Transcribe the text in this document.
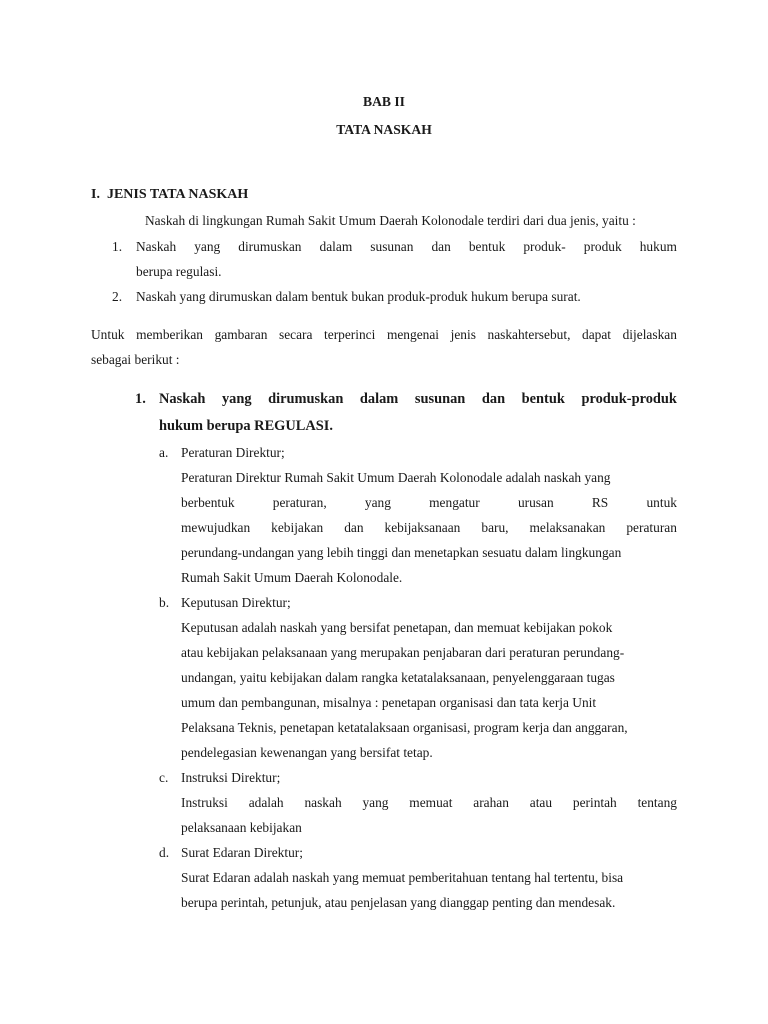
BAB II
TATA NASKAH
I.  JENIS TATA NASKAH
Naskah di lingkungan Rumah Sakit Umum Daerah Kolonodale terdiri dari dua jenis, yaitu :
1. Naskah yang dirumuskan dalam susunan dan bentuk produk- produk hukum
berupa regulasi.
2. Naskah yang dirumuskan dalam bentuk bukan produk-produk hukum berupa surat.
Untuk memberikan gambaran secara terperinci mengenai jenis naskahtersebut, dapat dijelaskan
sebagai berikut :
1. Naskah yang dirumuskan dalam susunan dan bentuk produk-produk
hukum berupa REGULASI.
a. Peraturan Direktur;
Peraturan Direktur Rumah Sakit Umum Daerah Kolonodale adalah naskah yang
berbentuk	peraturan,	yang	mengatur	urusan	RS	untuk
mewujudkan kebijakan dan kebijaksanaan baru, melaksanakan peraturan
perundang-undangan yang lebih tinggi dan menetapkan sesuatu dalam lingkungan
Rumah Sakit Umum Daerah Kolonodale.
b. Keputusan Direktur;
Keputusan adalah naskah yang bersifat penetapan, dan memuat kebijakan pokok
atau kebijakan pelaksanaan yang merupakan penjabaran dari peraturan perundang-
undangan, yaitu kebijakan dalam rangka ketatalaksanaan, penyelenggaraan tugas
umum dan pembangunan, misalnya : penetapan organisasi dan tata kerja Unit
Pelaksana Teknis, penetapan ketatalaksaan organisasi, program kerja dan anggaran,
pendelegasian kewenangan yang bersifat tetap.
c. Instruksi Direktur;
Instruksi adalah naskah yang memuat arahan atau perintah tentang
pelaksanaan kebijakan
d. Surat Edaran Direktur;
Surat Edaran adalah naskah yang memuat pemberitahuan tentang hal tertentu, bisa
berupa perintah, petunjuk, atau penjelasan yang dianggap penting dan mendesak.
